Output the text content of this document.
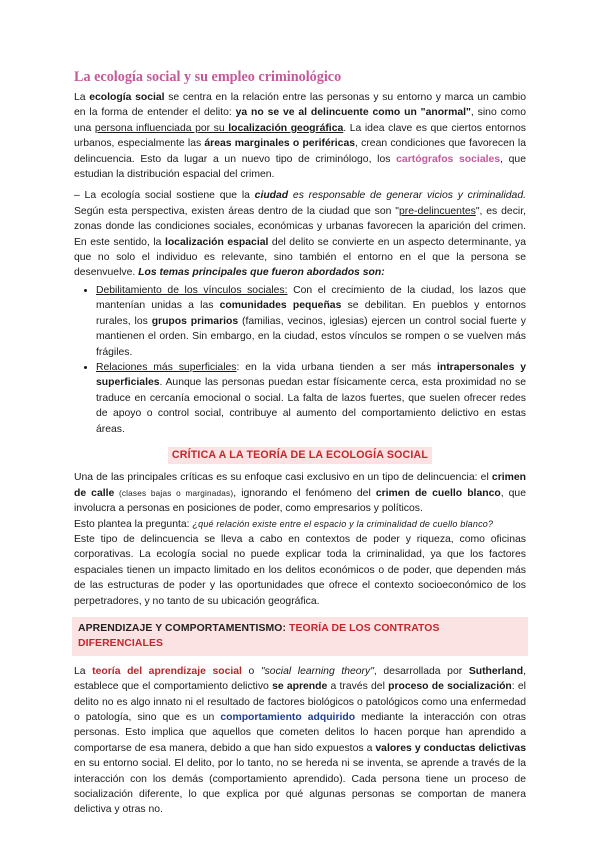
La ecología social y su empleo criminológico

La ecología social se centra en la relación entre las personas y su entorno y marca un cambio en la forma de entender el delito: ya no se ve al delincuente como un "anormal", sino como una persona influenciada por su localización geográfica. La idea clave es que ciertos entornos urbanos, especialmente las áreas marginales o periféricas, crean condiciones que favorecen la delincuencia. Esto da lugar a un nuevo tipo de criminólogo, los cartógrafos sociales, que estudian la distribución espacial del crimen.

– La ecología social sostiene que la ciudad es responsable de generar vicios y criminalidad. Según esta perspectiva, existen áreas dentro de la ciudad que son "pre-delincuentes", es decir, zonas donde las condiciones sociales, económicas y urbanas favorecen la aparición del crimen. En este sentido, la localización espacial del delito se convierte en un aspecto determinante, ya que no solo el individuo es relevante, sino también el entorno en el que la persona se desenvuelve. Los temas principales que fueron abordados son:

• Debilitamiento de los vínculos sociales: Con el crecimiento de la ciudad, los lazos que mantenían unidas a las comunidades pequeñas se debilitan. En pueblos y entornos rurales, los grupos primarios (familias, vecinos, iglesias) ejercen un control social fuerte y mantienen el orden. Sin embargo, en la ciudad, estos vínculos se rompen o se vuelven más frágiles.
• Relaciones más superficiales: en la vida urbana tienden a ser más intrapersonales y superficiales. Aunque las personas puedan estar físicamente cerca, esta proximidad no se traduce en cercanía emocional o social. La falta de lazos fuertes, que suelen ofrecer redes de apoyo o control social, contribuye al aumento del comportamiento delictivo en estas áreas.
CRÍTICA A LA TEORÍA DE LA ECOLOGÍA SOCIAL

Una de las principales críticas es su enfoque casi exclusivo en un tipo de delincuencia: el crimen de calle (clases bajas o marginadas), ignorando el fenómeno del crimen de cuello blanco, que involucra a personas en posiciones de poder, como empresarios y políticos.

Esto plantea la pregunta: ¿qué relación existe entre el espacio y la criminalidad de cuello blanco?

Este tipo de delincuencia se lleva a cabo en contextos de poder y riqueza, como oficinas corporativas. La ecología social no puede explicar toda la criminalidad, ya que los factores espaciales tienen un impacto limitado en los delitos económicos o de poder, que dependen más de las estructuras de poder y las oportunidades que ofrece el contexto socioeconómico de los perpetradores, y no tanto de su ubicación geográfica.

APRENDIZAJE Y COMPORTAMENTISMO: TEORÍA DE LOS CONTRATOS DIFERENCIALES

La teoría del aprendizaje social o "social learning theory", desarrollada por Sutherland, establece que el comportamiento delictivo se aprende a través del proceso de socialización: el delito no es algo innato ni el resultado de factores biológicos o patológicos como una enfermedad o patología, sino que es un comportamiento adquirido mediante la interacción con otras personas. Esto implica que aquellos que cometen delitos lo hacen porque han aprendido a comportarse de esa manera, debido a que han sido expuestos a valores y conductas delictivas en su entorno social. El delito, por lo tanto, no se hereda ni se inventa, se aprende a través de la interacción con los demás (comportamiento aprendido). Cada persona tiene un proceso de socialización diferente, lo que explica por qué algunas personas se comportan de manera delictiva y otras no.
